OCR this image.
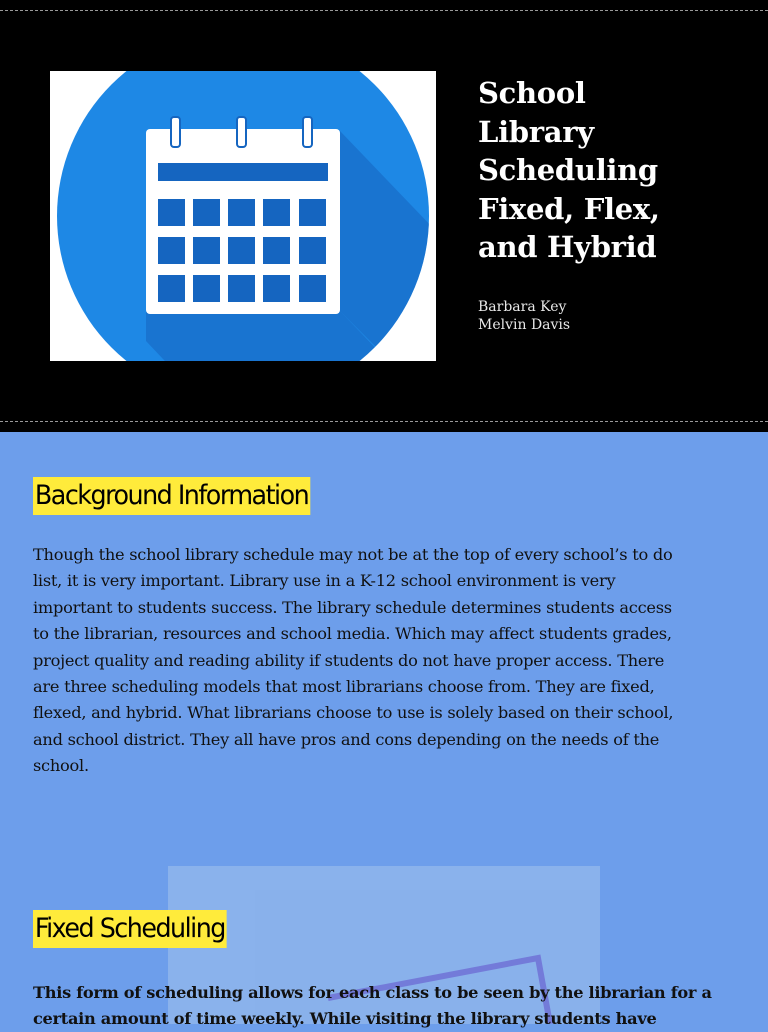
School
Library
Scheduling
Fixed, Flex,
and Hybrid
Barbara Key
Melvin Davis
Background Information
Though the school library schedule may not be at the top of every school’s to do
list, it is very important. Library use in a K-12 school environment is very
important to students success. The library schedule determines students access
to the librarian, resources and school media. Which may affect students grades,
project quality and reading ability if students do not have proper access. There
are three scheduling models that most librarians choose from. They are fixed,
flexed, and hybrid. What librarians choose to use is solely based on their school,
and school district. They all have pros and cons depending on the needs of the
school.
Fixed Scheduling
This form of scheduling allows for each class to be seen by the librarian for a
certain amount of time weekly. While visiting the library students have
